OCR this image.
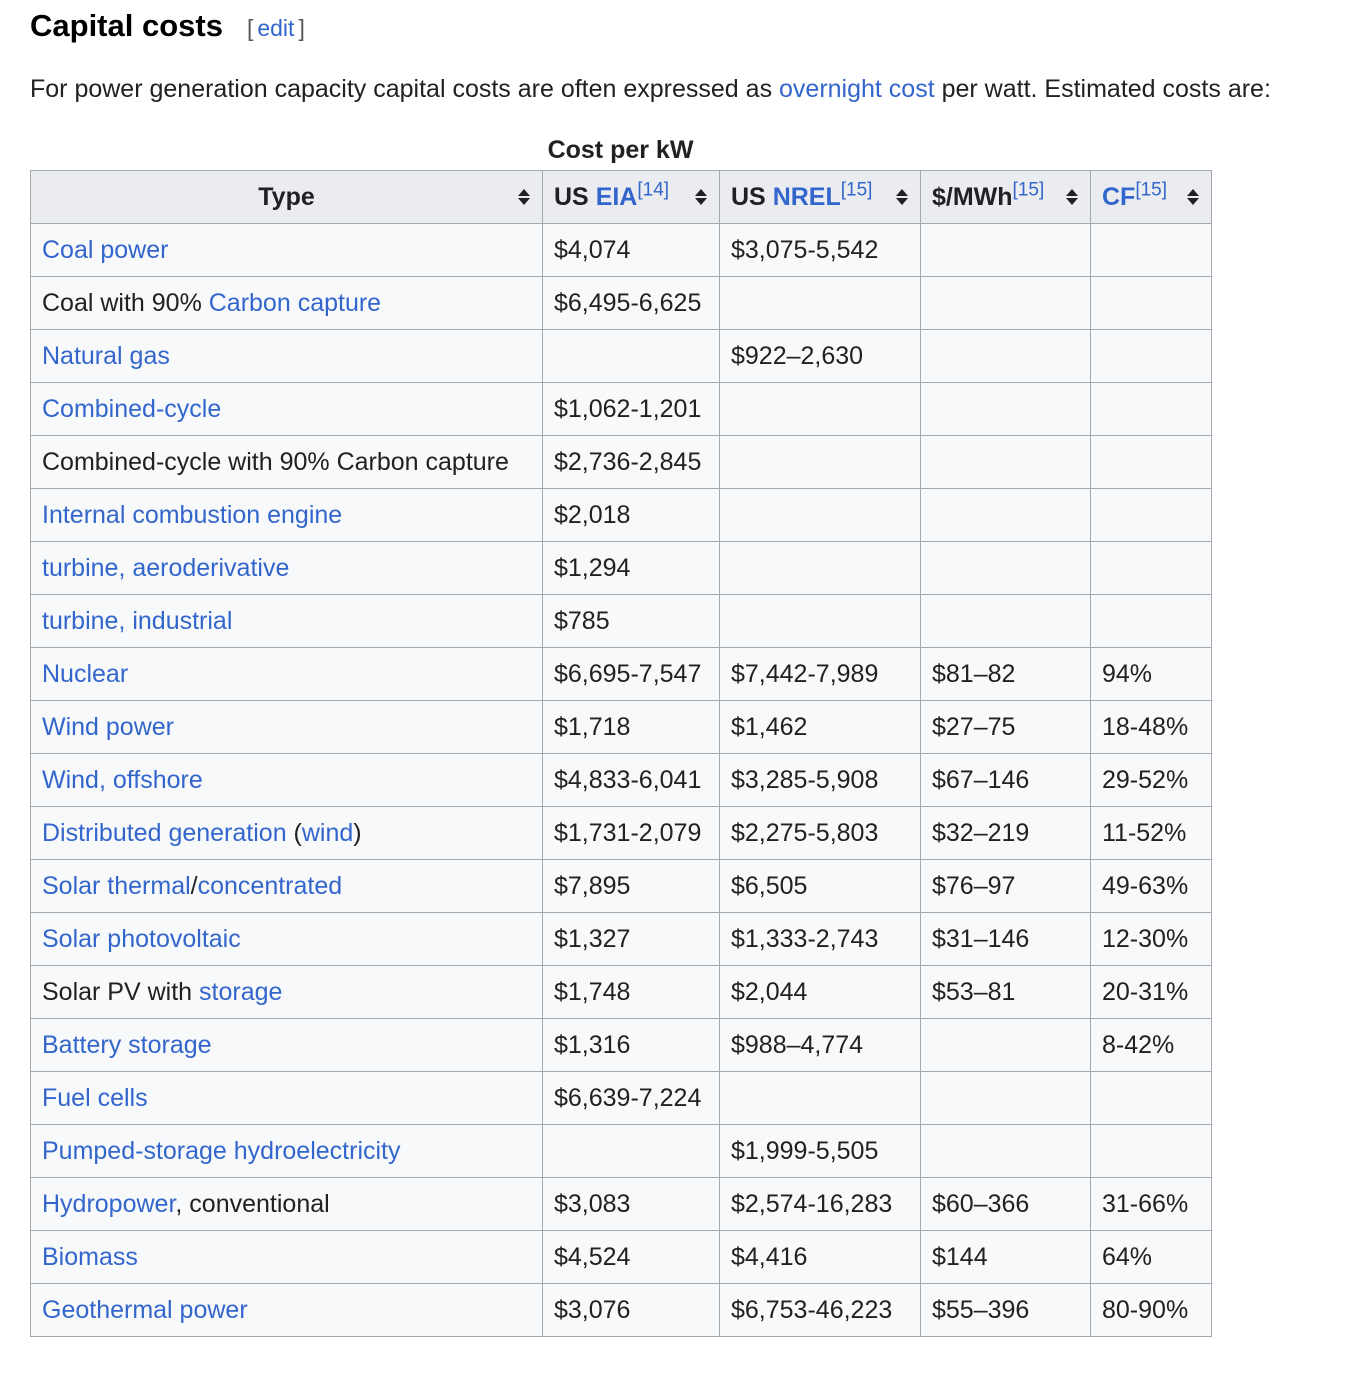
Capital costs [ edit ]

For power generation capacity capital costs are often expressed as overnight cost per watt. Estimated costs are:

Cost per kW
Type	US EIA[14]	US NREL[15]	$/MWh[15]	CF[15]

Coal power	$4,074	$3,075-5,542		
Coal with 90% Carbon capture	$6,495-6,625			
Natural gas		$922–2,630		
Combined-cycle	$1,062-1,201			
Combined-cycle with 90% Carbon capture	$2,736-2,845			
Internal combustion engine	$2,018			
turbine, aeroderivative	$1,294			
turbine, industrial	$785			
Nuclear	$6,695-7,547	$7,442-7,989	$81–82	94%
Wind power	$1,718	$1,462	$27–75	18-48%
Wind, offshore	$4,833-6,041	$3,285-5,908	$67–146	29-52%
Distributed generation (wind)	$1,731-2,079	$2,275-5,803	$32–219	11-52%
Solar thermal/concentrated	$7,895	$6,505	$76–97	49-63%
Solar photovoltaic	$1,327	$1,333-2,743	$31–146	12-30%
Solar PV with storage	$1,748	$2,044	$53–81	20-31%
Battery storage	$1,316	$988–4,774		8-42%
Fuel cells	$6,639-7,224			
Pumped-storage hydroelectricity		$1,999-5,505		
Hydropower, conventional	$3,083	$2,574-16,283	$60–366	31-66%
Biomass	$4,524	$4,416	$144	64%
Geothermal power	$3,076	$6,753-46,223	$55–396	80-90%
